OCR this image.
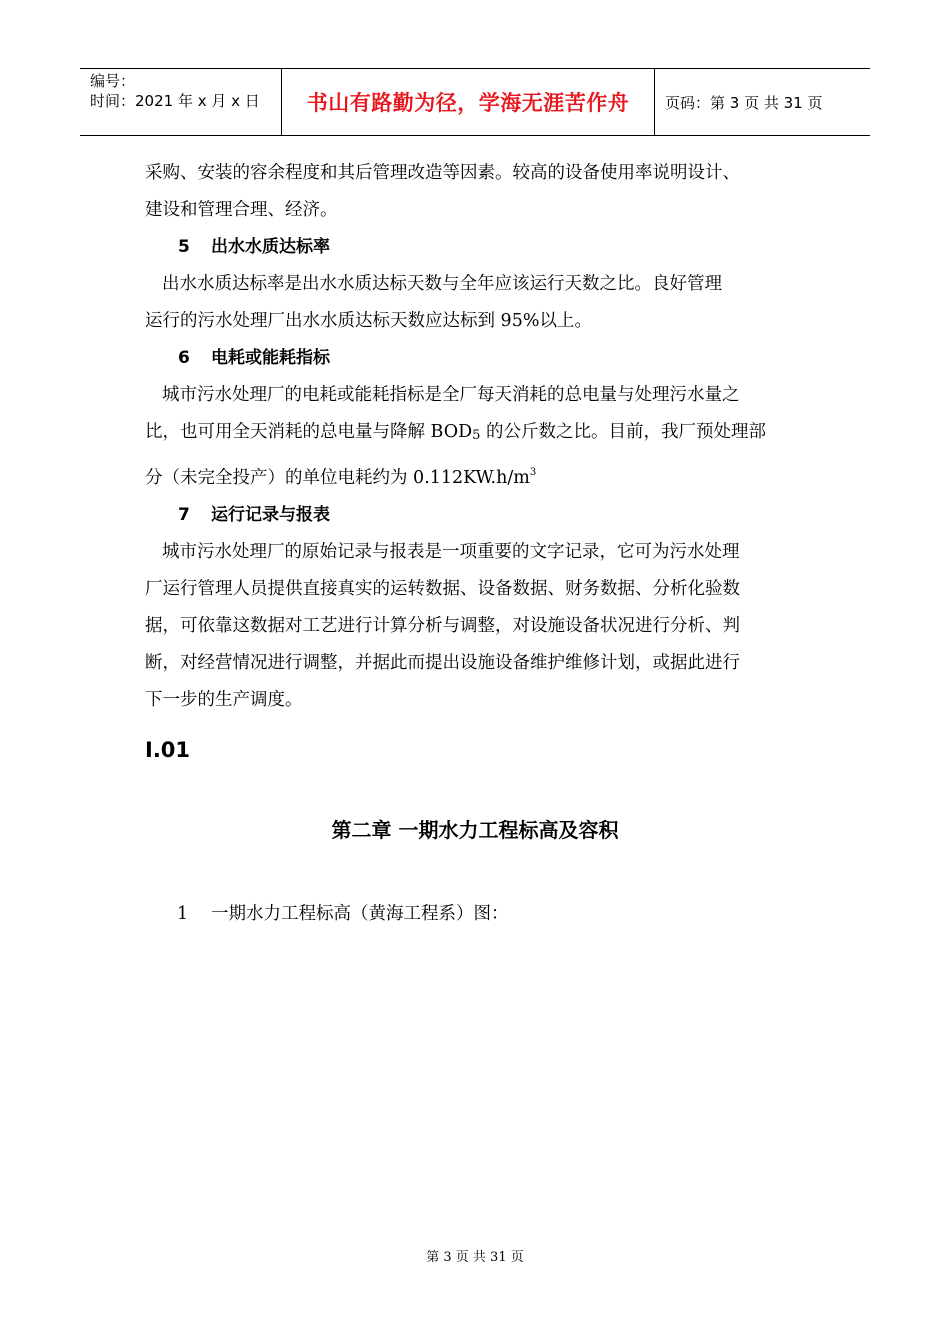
编号：
时间：2021 年 x 月 x 日	书山有路勤为径，学海无涯苦作舟	页码：第 3 页 共 31 页

采购、安装的容余程度和其后管理改造等因素。较高的设备使用率说明设计、

建设和管理合理、经济。

5 出水水质达标率

出水水质达标率是出水水质达标天数与全年应该运行天数之比。良好管理

运行的污水处理厂出水水质达标天数应达标到 95%以上。

6 电耗或能耗指标

城市污水处理厂的电耗或能耗指标是全厂每天消耗的总电量与处理污水量之

比，也可用全天消耗的总电量与降解 $BOD_5$ 的公斤数之比。目前，我厂预处理部

分（未完全投产）的单位电耗约为 $0.112KW.h/m^3$

7 运行记录与报表

城市污水处理厂的原始记录与报表是一项重要的文字记录，它可为污水处理

厂运行管理人员提供直接真实的运转数据、设备数据、财务数据、分析化验数

据，可依靠这数据对工艺进行计算分析与调整，对设施设备状况进行分析、判

断，对经营情况进行调整，并据此而提出设施设备维护维修计划，或据此进行

下一步的生产调度。

I.01
第二章 一期水力工程标高及容积
1 一期水力工程标高（黄海工程系）图：
第 3 页 共 31 页
